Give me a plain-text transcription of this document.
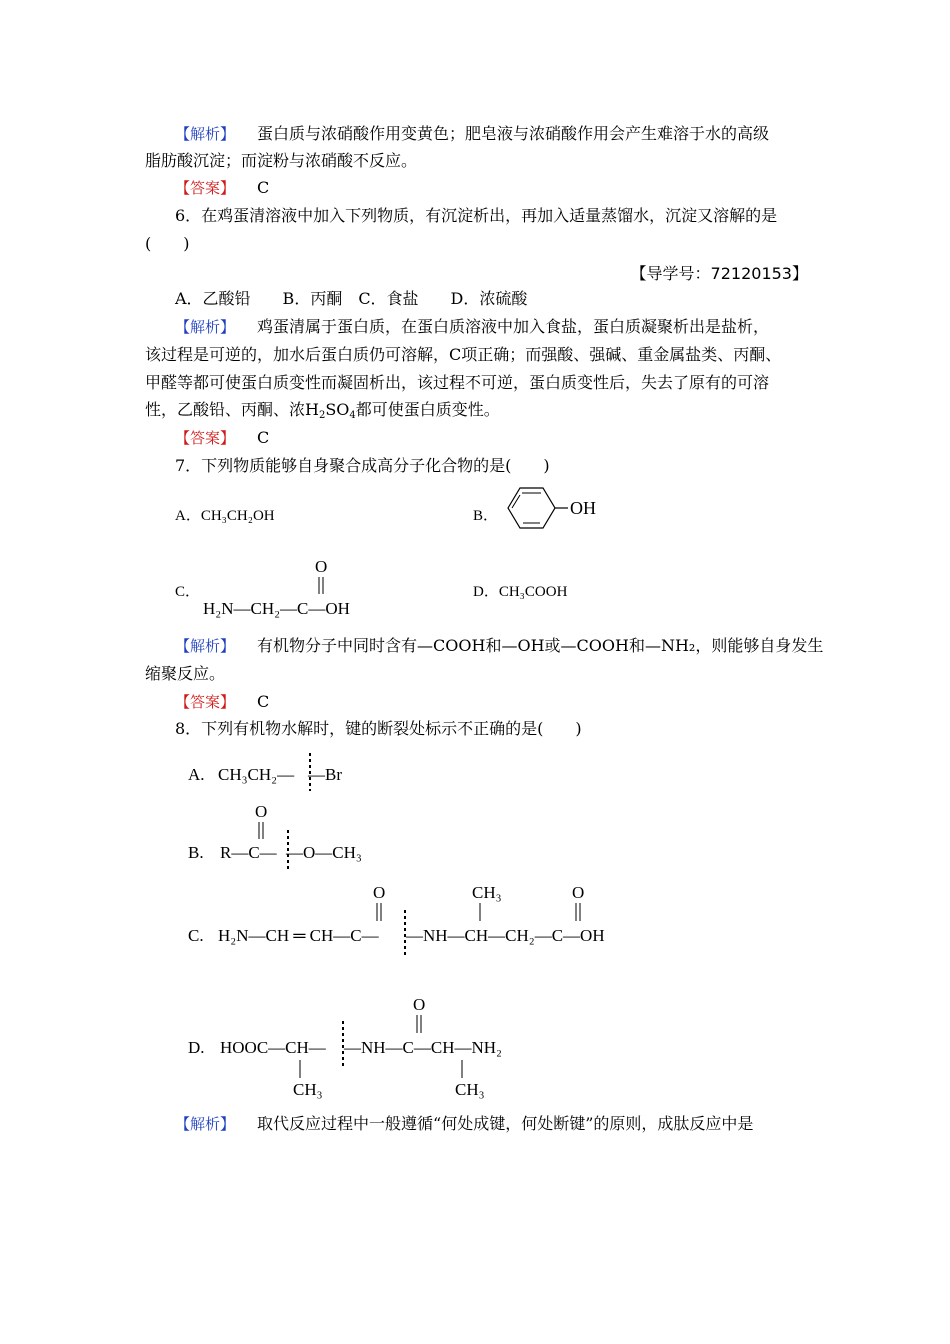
【解析】 蛋白质与浓硝酸作用变黄色；肥皂液与浓硝酸作用会产生难溶于水的高级
脂肪酸沉淀；而淀粉与浓硝酸不反应。
【答案】 C
6．在鸡蛋清溶液中加入下列物质，有沉淀析出，再加入适量蒸馏水，沉淀又溶解的是
(　　)
【导学号：72120153】
A．乙酸铅　　B．丙酮　C．食盐　　D．浓硫酸
【解析】 鸡蛋清属于蛋白质，在蛋白质溶液中加入食盐，蛋白质凝聚析出是盐析，
该过程是可逆的，加水后蛋白质仍可溶解，C项正确；而强酸、强碱、重金属盐类、丙酮、
甲醛等都可使蛋白质变性而凝固析出，该过程不可逆，蛋白质变性后，失去了原有的可溶
性，乙酸铅、丙酮、浓$H_2SO_4$都可使蛋白质变性。
【答案】 C
7．下列物质能够自身聚合成高分子化合物的是(　　)
A．CH₃CH₂OH	B．	OH
C．
O
H₂N—CH₂—C—OH
D．CH₃COOH
【解析】 有机物分子中同时含有—COOH和—OH或—COOH和—NH₂，则能够自身发生
缩聚反应。
【答案】 C
8．下列有机物水解时，键的断裂处标示不正确的是(　　)
A. CH₃CH₂— —Br
O
B. R—C— —O—CH₃
O	CH₃	O
C. H₂N—CH ═ CH—C— —NH—CH—CH₂—C—OH
O
D. HOOC—CH— —NH—C—CH—NH₂
CH₃	CH₃
【解析】 取代反应过程中一般遵循“何处成键，何处断键”的原则，成肽反应中是
